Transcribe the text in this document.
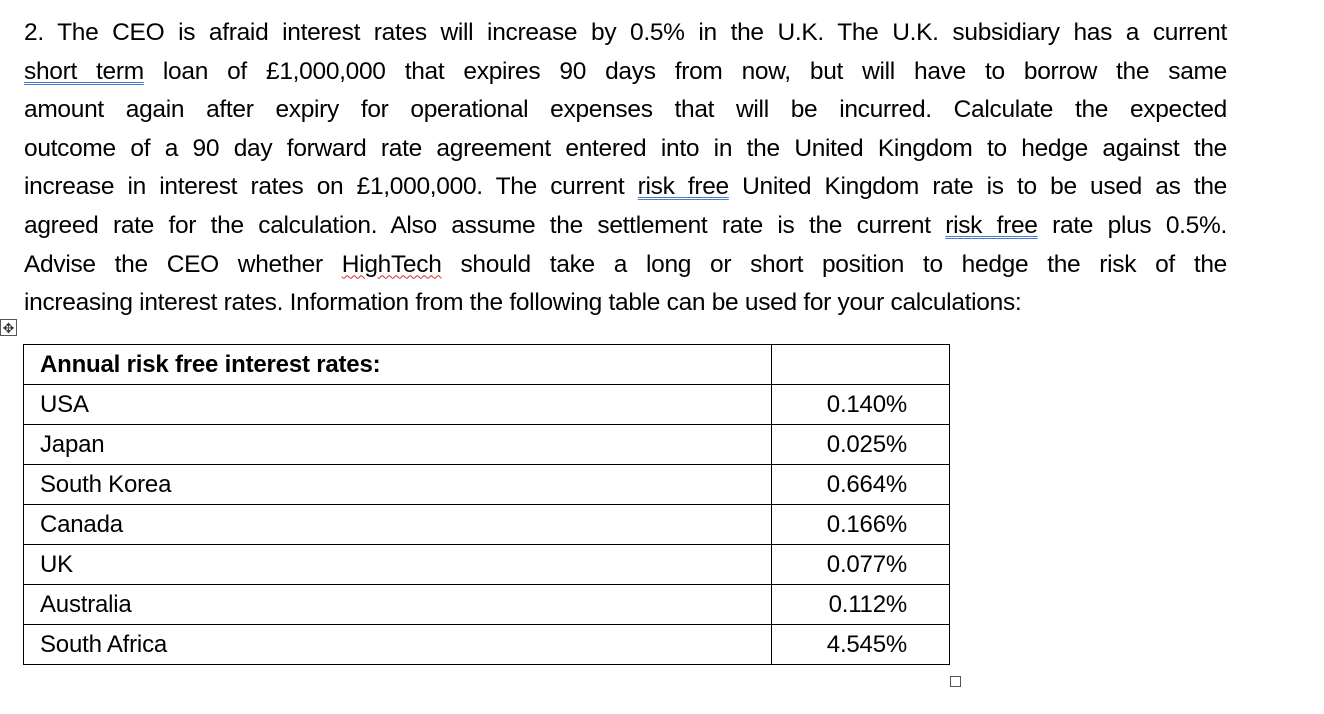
2. The CEO is afraid interest rates will increase by 0.5% in the U.K. The U.K. subsidiary has a current
short term loan of £1,000,000 that expires 90 days from now, but will have to borrow the same
amount again after expiry for operational expenses that will be incurred. Calculate the expected
outcome of a 90 day forward rate agreement entered into in the United Kingdom to hedge against the
increase in interest rates on £1,000,000. The current risk free United Kingdom rate is to be used as the
agreed rate for the calculation. Also assume the settlement rate is the current risk free rate plus 0.5%.
Advise the CEO whether HighTech should take a long or short position to hedge the risk of the
increasing interest rates. Information from the following table can be used for your calculations:
✥
Annual risk free interest rates:	
USA	0.140%
Japan	0.025%
South Korea	0.664%
Canada	0.166%
UK	0.077%
Australia	0.112%
South Africa	4.545%
